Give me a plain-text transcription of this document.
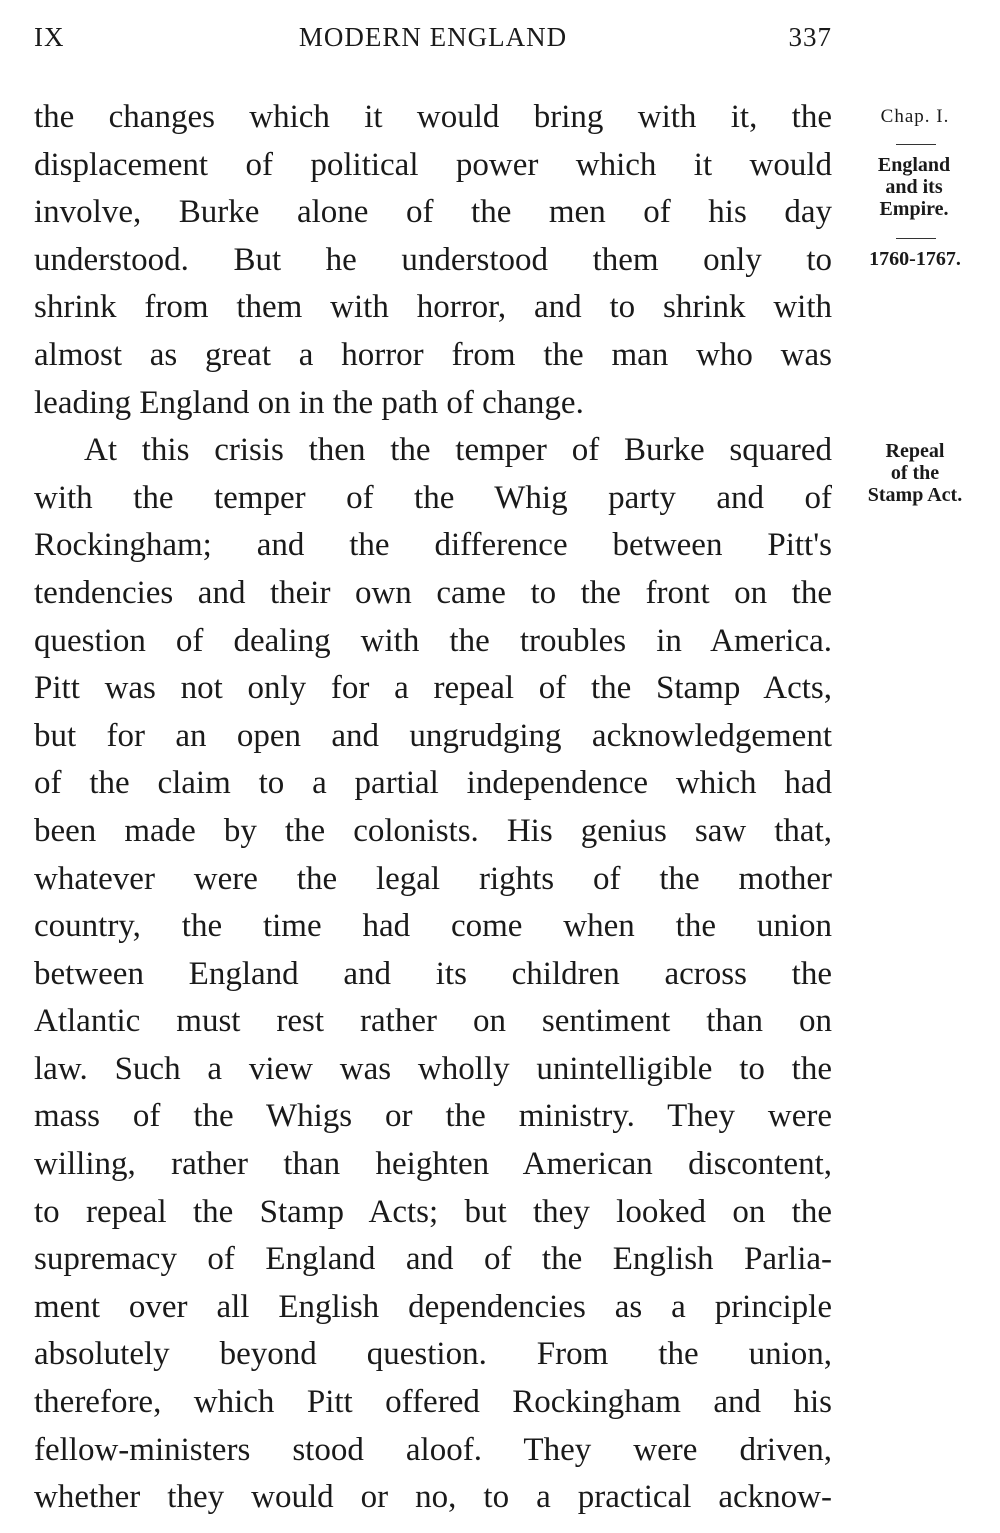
IX	MODERN ENGLAND	337
the changes which it would bring with it, the
displacement of political power which it would
involve, Burke alone of the men of his day
understood. But he understood them only to
shrink from them with horror, and to shrink with
almost as great a horror from the man who was
leading England on in the path of change.
At this crisis then the temper of Burke squared
with the temper of the Whig party and of
Rockingham; and the difference between Pitt's
tendencies and their own came to the front on the
question of dealing with the troubles in America.
Pitt was not only for a repeal of the Stamp Acts,
but for an open and ungrudging acknowledgement
of the claim to a partial independence which had
been made by the colonists. His genius saw that,
whatever were the legal rights of the mother
country, the time had come when the union
between England and its children across the
Atlantic must rest rather on sentiment than on
law. Such a view was wholly unintelligible to the
mass of the Whigs or the ministry. They were
willing, rather than heighten American discontent,
to repeal the Stamp Acts; but they looked on the
supremacy of England and of the English Parlia-
ment over all English dependencies as a principle
absolutely beyond question. From the union,
therefore, which Pitt offered Rockingham and his
fellow-ministers stood aloof. They were driven,
whether they would or no, to a practical acknow-
Chap. I.
England
and its
Empire.
1760-1767.
Repeal
of the
Stamp Act.
